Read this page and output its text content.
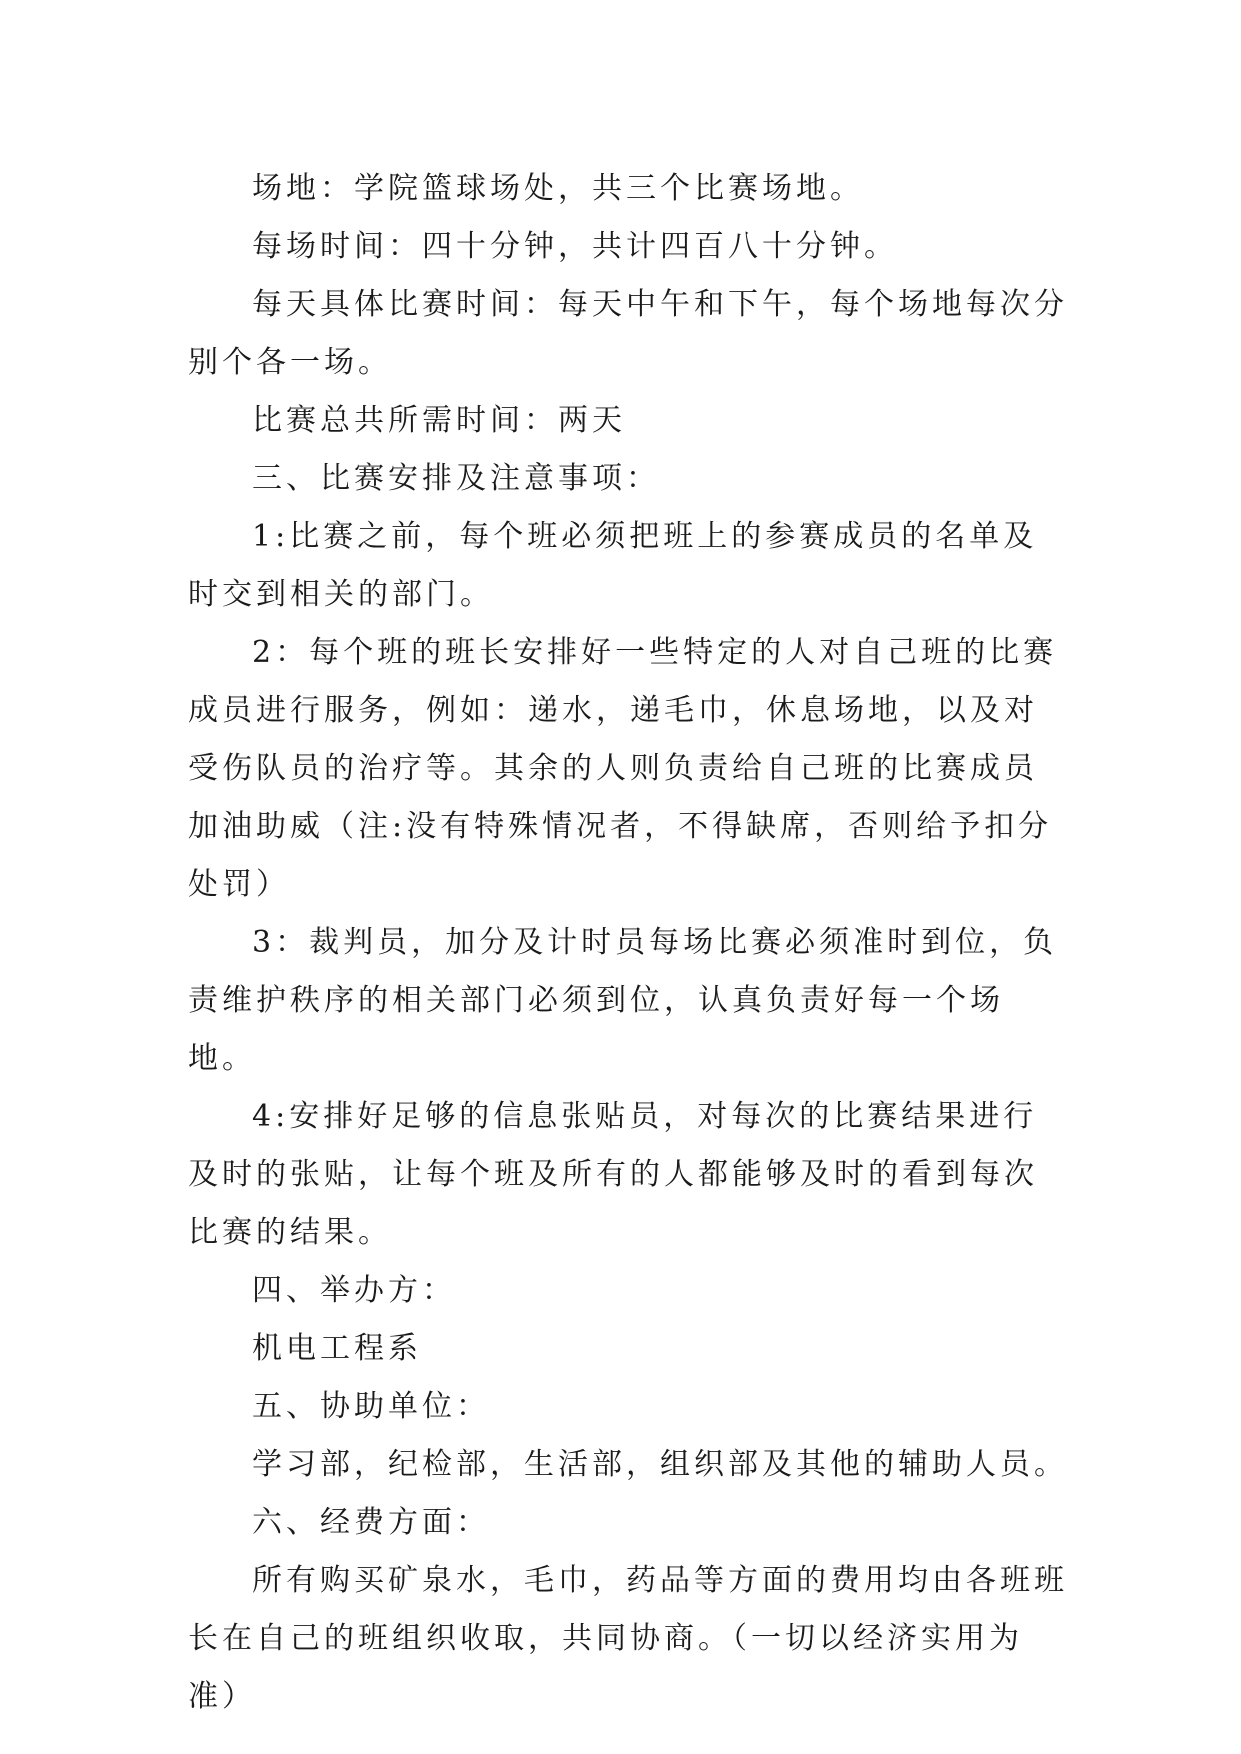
场地：学院篮球场处，共三个比赛场地。

每场时间：四十分钟，共计四百八十分钟。

每天具体比赛时间：每天中午和下午，每个场地每次分别个各一场。

比赛总共所需时间：两天

三、比赛安排及注意事项：

1:比赛之前，每个班必须把班上的参赛成员的名单及时交到相关的部门。

2：每个班的班长安排好一些特定的人对自己班的比赛成员进行服务，例如：递水，递毛巾，休息场地，以及对受伤队员的治疗等。其余的人则负责给自己班的比赛成员加油助威（注:没有特殊情况者，不得缺席，否则给予扣分处罚）

3：裁判员，加分及计时员每场比赛必须准时到位，负责维护秩序的相关部门必须到位，认真负责好每一个场地。

4:安排好足够的信息张贴员，对每次的比赛结果进行及时的张贴，让每个班及所有的人都能够及时的看到每次比赛的结果。

四、举办方：

机电工程系

五、协助单位：

学习部，纪检部，生活部，组织部及其他的辅助人员。

六、经费方面：

所有购买矿泉水，毛巾，药品等方面的费用均由各班班长在自己的班组织收取，共同协商。（一切以经济实用为准）
